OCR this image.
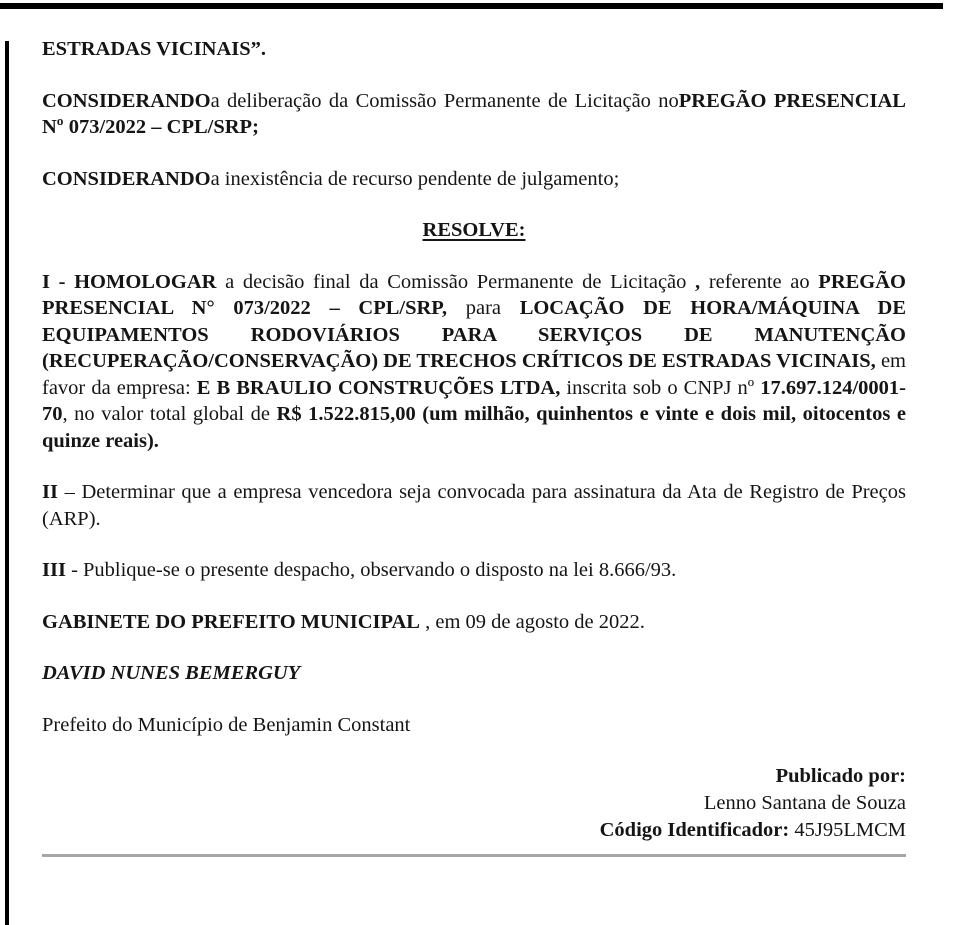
ESTRADAS VICINAIS”.

CONSIDERANDOa deliberação da Comissão Permanente de Licitação noPREGÃO PRESENCIAL Nº 073/2022 – CPL/SRP;

CONSIDERANDOa inexistência de recurso pendente de julgamento;

RESOLVE:

I - HOMOLOGAR a decisão final da Comissão Permanente de Licitação , referente ao PREGÃO PRESENCIAL N° 073/2022 – CPL/SRP, para LOCAÇÃO DE HORA/MÁQUINA DE EQUIPAMENTOS RODOVIÁRIOS PARA SERVIÇOS DE MANUTENÇÃO (RECUPERAÇÃO/CONSERVAÇÃO) DE TRECHOS CRÍTICOS DE ESTRADAS VICINAIS, em favor da empresa: E B BRAULIO CONSTRUÇÕES LTDA, inscrita sob o CNPJ nº 17.697.124/0001-70, no valor total global de R$ 1.522.815,00 (um milhão, quinhentos e vinte e dois mil, oitocentos e quinze reais).

II – Determinar que a empresa vencedora seja convocada para assinatura da Ata de Registro de Preços (ARP).

III - Publique-se o presente despacho, observando o disposto na lei 8.666/93.

GABINETE DO PREFEITO MUNICIPAL , em 09 de agosto de 2022.

DAVID NUNES BEMERGUY

Prefeito do Município de Benjamin Constant

Publicado por:
Lenno Santana de Souza
Código Identificador: 45J95LMCM
